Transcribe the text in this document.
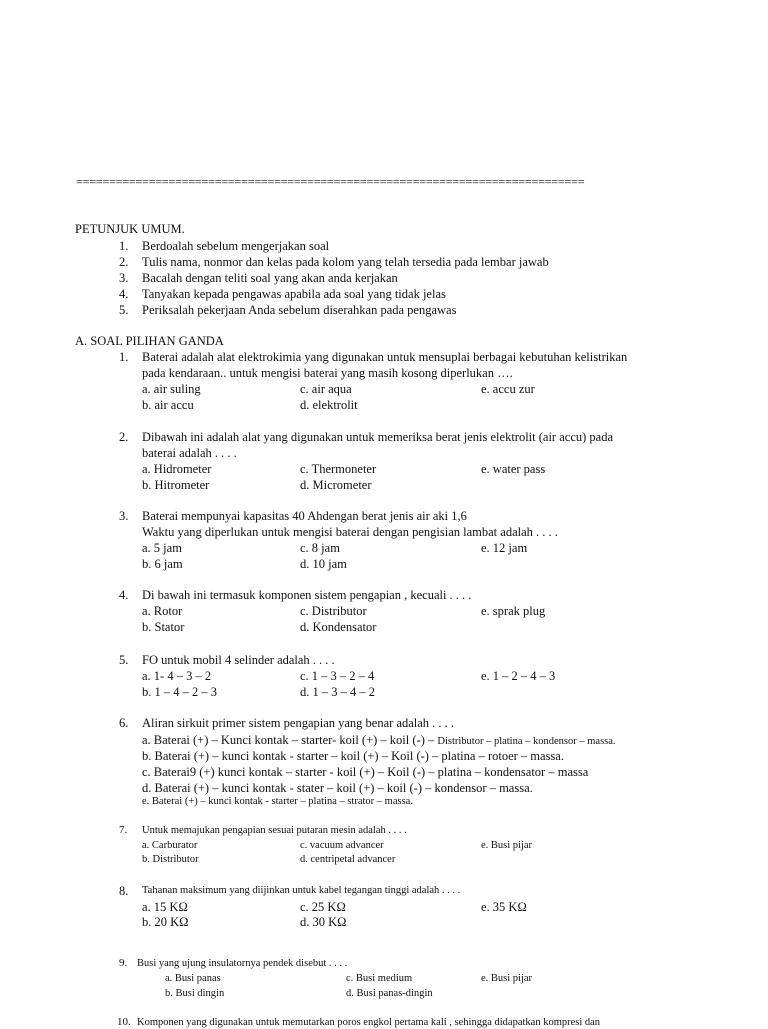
=============================================================================
PETUNJUK UMUM.
1. Berdoalah sebelum mengerjakan soal
2. Tulis nama, nonmor dan kelas pada kolom yang telah tersedia pada lembar jawab
3. Bacalah dengan teliti soal yang akan anda kerjakan
4. Tanyakan kepada pengawas apabila ada soal yang tidak jelas
5. Periksalah pekerjaan Anda sebelum diserahkan pada pengawas
A. SOAL PILIHAN GANDA
1. Baterai adalah alat elektrokimia yang digunakan untuk mensuplai berbagai kebutuhan kelistrikan
pada kendaraan.. untuk mengisi baterai yang masih kosong diperlukan ….
a. air suling	c. air aqua	e. accu zur
b. air accu	d. elektrolit
2. Dibawah ini adalah alat yang digunakan untuk memeriksa berat jenis elektrolit (air accu) pada
baterai adalah . . . .
a. Hidrometer	c. Thermoneter	e. water pass
b. Hitrometer	d. Micrometer
3. Baterai mempunyai kapasitas 40 Ahdengan berat jenis air aki 1,6
Waktu yang diperlukan untuk mengisi baterai dengan pengisian lambat adalah . . . .
a. 5 jam	c. 8 jam	e. 12 jam
b. 6 jam	d. 10 jam
4. Di bawah ini termasuk komponen sistem pengapian , kecuali . . . .
a. Rotor	c. Distributor	e. sprak plug
b. Stator	d. Kondensator
5. FO untuk mobil 4 selinder adalah . . . .
a. 1- 4 – 3 – 2	c. 1 – 3 – 2 – 4	e. 1 – 2 – 4 – 3
b. 1 – 4 – 2 – 3	d. 1 – 3 – 4 – 2
6. Aliran sirkuit primer sistem pengapian yang benar adalah . . . .
a. Baterai (+) – Kunci kontak – starter- koil (+) – koil (-) – Distributor – platina – kondensor – massa.
b. Baterai (+) – kunci kontak - starter – koil (+) – Koil (-) – platina – rotoer – massa.
c. Baterai9 (+) kunci kontak – starter - koil (+) – Koil (-) – platina – kondensator – massa
d. Baterai (+) – kunci kontak - stater – koil (+) – koil (-) – kondensor – massa.
e. Baterai (+) – kunci kontak - starter – platina – strator – massa.
7. Untuk memajukan pengapian sesuai putaran mesin adalah . . . .
a. Carburator	c. vacuum advancer	e. Busi pijar
b. Distributor	d. centripetal advancer
8. Tahanan maksimum yang diijinkan untuk kabel tegangan tinggi adalah . . . .
a. 15 KΩ	c. 25 KΩ	e. 35 KΩ
b. 20 KΩ	d. 30 KΩ
9. Busi yang ujung insulatornya pendek disebut . . . .
a. Busi panas	c. Busi medium	e. Busi pijar
b. Busi dingin	d. Busi panas-dingin
10. Komponen yang digunakan untuk memutarkan poros engkol pertama kali , sehingga didapatkan kompresi dan
